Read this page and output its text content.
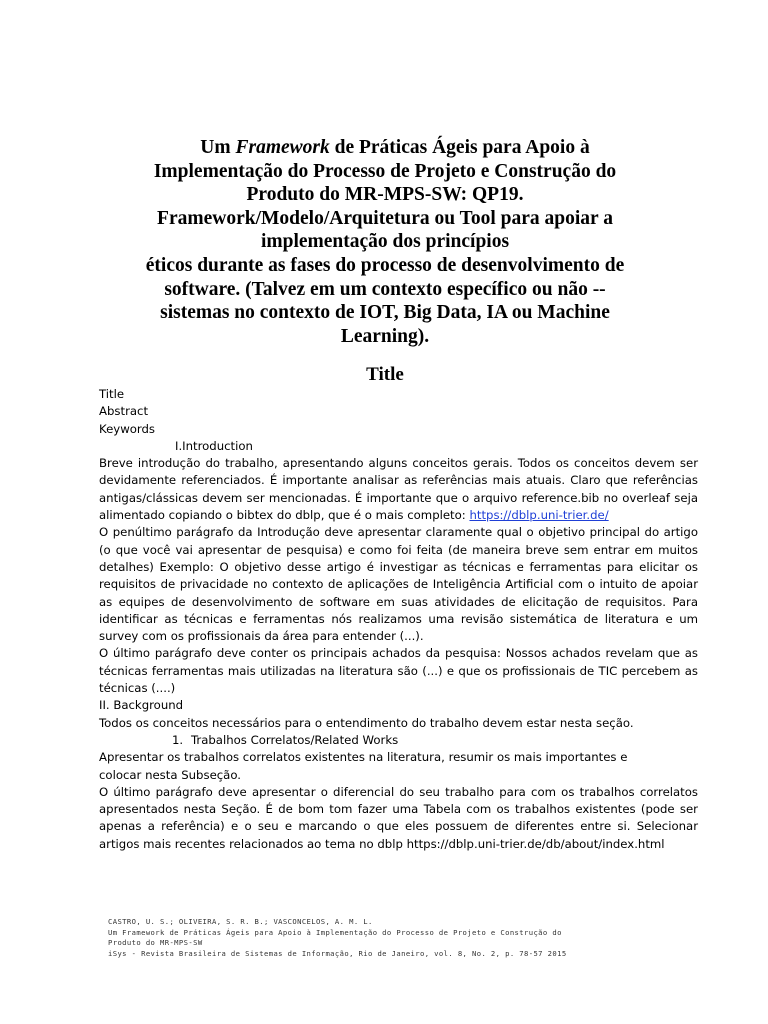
Um Framework de Práticas Ágeis para Apoio à
Implementação do Processo de Projeto e Construção do
Produto do MR-MPS-SW: QP19.
Framework/Modelo/Arquitetura ou Tool para apoiar a
implementação dos princípios
éticos durante as fases do processo de desenvolvimento de
software. (Talvez em um contexto específico ou não --
sistemas no contexto de IOT, Big Data, IA ou Machine
Learning).
Title
Title
Abstract
Keywords
I.Introduction
Breve introdução do trabalho, apresentando alguns conceitos gerais. Todos os conceitos devem ser devidamente referenciados. É importante analisar as referências mais atuais. Claro que referências antigas/clássicas devem ser mencionadas. É importante que o arquivo reference.bib no overleaf seja alimentado copiando o bibtex do dblp, que é o mais completo: https://dblp.uni-trier.de/
O penúltimo parágrafo da Introdução deve apresentar claramente qual o objetivo principal do artigo (o que você vai apresentar de pesquisa) e como foi feita (de maneira breve sem entrar em muitos detalhes) Exemplo: O objetivo desse artigo é investigar as técnicas e ferramentas para elicitar os requisitos de privacidade no contexto de aplicações de Inteligência Artificial com o intuito de apoiar as equipes de desenvolvimento de software em suas atividades de elicitação de requisitos. Para identificar as técnicas e ferramentas nós realizamos uma revisão sistemática de literatura e um survey com os profissionais da área para entender (...).
O último parágrafo deve conter os principais achados da pesquisa: Nossos achados revelam que as técnicas ferramentas mais utilizadas na literatura são (...) e que os profissionais de TIC percebem as técnicas (....)
II. Background
Todos os conceitos necessários para o entendimento do trabalho devem estar nesta seção.
1. Trabalhos Correlatos/Related Works
Apresentar os trabalhos correlatos existentes na literatura, resumir os mais importantes e colocar nesta Subseção.
O último parágrafo deve apresentar o diferencial do seu trabalho para com os trabalhos correlatos apresentados nesta Seção. É de bom tom fazer uma Tabela com os trabalhos existentes (pode ser apenas a referência) e o seu e marcando o que eles possuem de diferentes entre si. Selecionar artigos mais recentes relacionados ao tema no dblp https://dblp.uni-trier.de/db/about/index.html
CASTRO, U. S.; OLIVEIRA, S. R. B.; VASCONCELOS, A. M. L.
Um Framework de Práticas Ágeis para Apoio à Implementação do Processo de Projeto e Construção do
Produto do MR-MPS-SW
iSys - Revista Brasileira de Sistemas de Informação, Rio de Janeiro, vol. 8, No. 2, p. 78-57 2015
